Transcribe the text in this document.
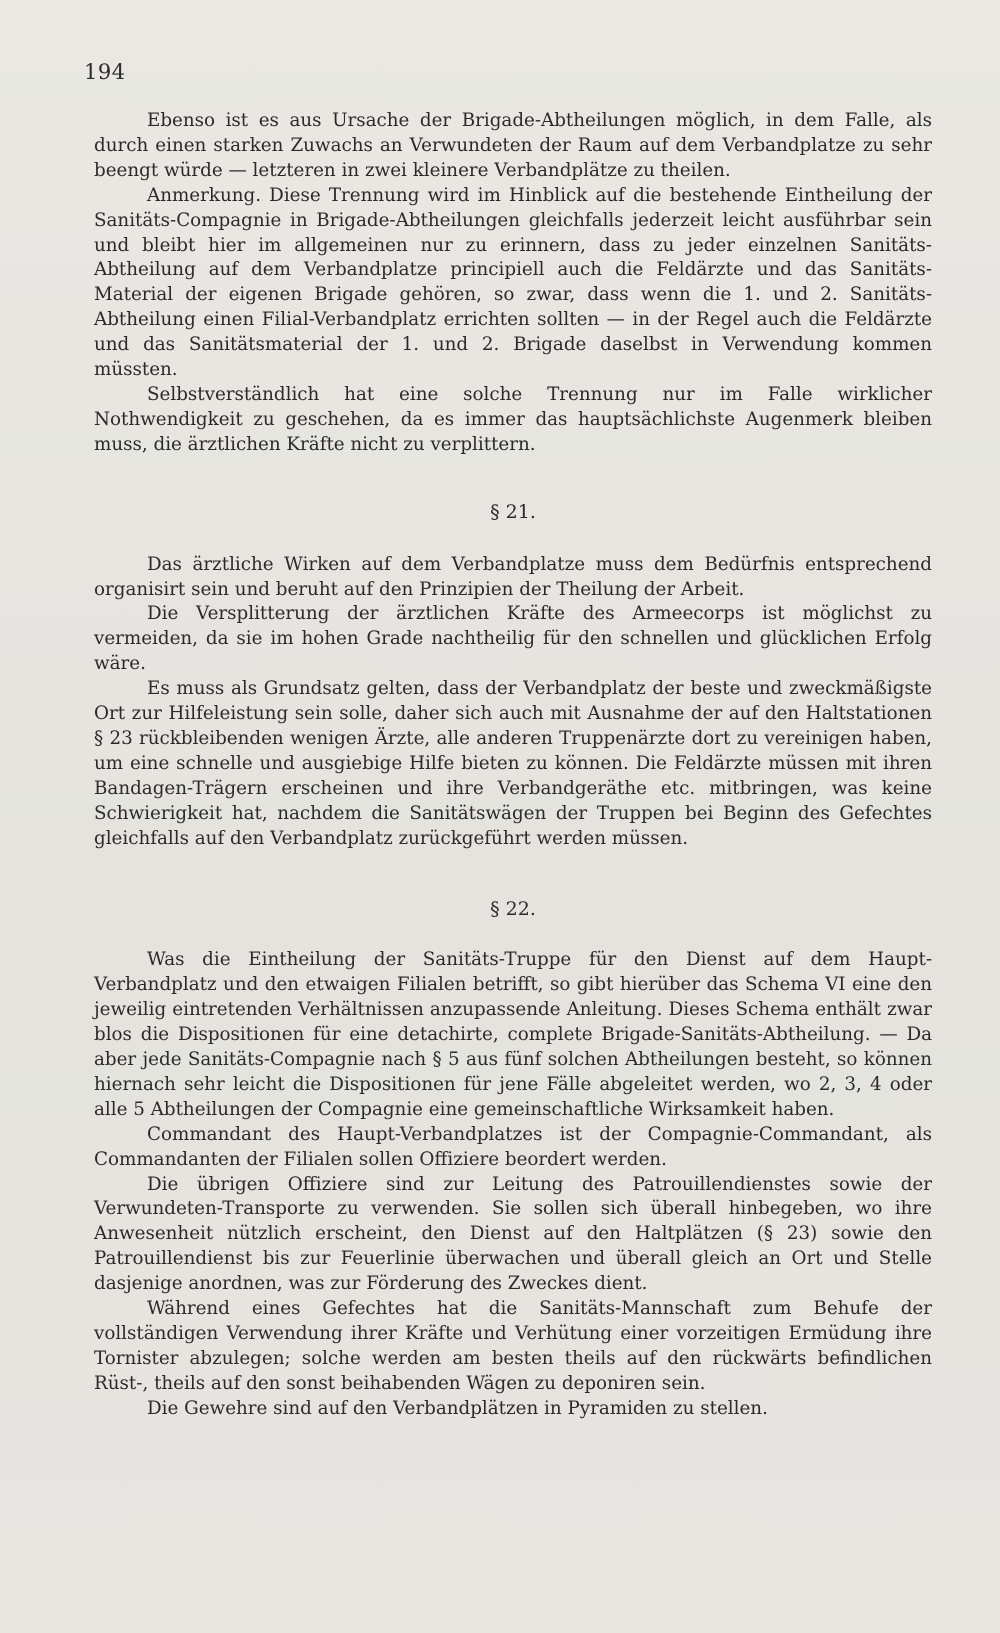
194

Ebenso ist es aus Ursache der Brigade-Abtheilungen möglich, in dem Falle, als durch einen starken Zuwachs an Verwundeten der Raum auf dem Verbandplatze zu sehr beengt würde — letzteren in zwei kleinere Verbandplätze zu theilen.

Anmerkung. Diese Trennung wird im Hinblick auf die bestehende Eintheilung der Sanitäts-Compagnie in Brigade-Abtheilungen gleichfalls jederzeit leicht ausführbar sein und bleibt hier im allgemeinen nur zu erinnern, dass zu jeder einzelnen Sanitäts-Abtheilung auf dem Verbandplatze principiell auch die Feldärzte und das Sanitäts-Material der eigenen Brigade gehören, so zwar, dass wenn die 1. und 2. Sanitäts-Abtheilung einen Filial-Verbandplatz errichten sollten — in der Regel auch die Feldärzte und das Sanitätsmaterial der 1. und 2. Brigade daselbst in Verwendung kommen müssten.

Selbstverständlich hat eine solche Trennung nur im Falle wirklicher Nothwendigkeit zu geschehen, da es immer das hauptsächlichste Augenmerk bleiben muss, die ärztlichen Kräfte nicht zu verplittern.

§ 21.

Das ärztliche Wirken auf dem Verbandplatze muss dem Bedürfnis entsprechend organisirt sein und beruht auf den Prinzipien der Theilung der Arbeit.

Die Versplitterung der ärztlichen Kräfte des Armeecorps ist möglichst zu vermeiden, da sie im hohen Grade nachtheilig für den schnellen und glücklichen Erfolg wäre.

Es muss als Grundsatz gelten, dass der Verbandplatz der beste und zweckmäßigste Ort zur Hilfeleistung sein solle, daher sich auch mit Ausnahme der auf den Haltstationen § 23 rückbleibenden wenigen Ärzte, alle anderen Truppenärzte dort zu vereinigen haben, um eine schnelle und ausgiebige Hilfe bieten zu können. Die Feldärzte müssen mit ihren Bandagen-Trägern erscheinen und ihre Verbandgeräthe etc. mitbringen, was keine Schwierigkeit hat, nachdem die Sanitätswägen der Truppen bei Beginn des Gefechtes gleichfalls auf den Verbandplatz zurückgeführt werden müssen.

§ 22.

Was die Eintheilung der Sanitäts-Truppe für den Dienst auf dem Haupt-Verbandplatz und den etwaigen Filialen betrifft, so gibt hierüber das Schema VI eine den jeweilig eintretenden Verhältnissen anzupassende Anleitung. Dieses Schema enthält zwar blos die Dispositionen für eine detachirte, complete Brigade-Sanitäts-Abtheilung. — Da aber jede Sanitäts-Compagnie nach § 5 aus fünf solchen Abtheilungen besteht, so können hiernach sehr leicht die Dispositionen für jene Fälle abgeleitet werden, wo 2, 3, 4 oder alle 5 Abtheilungen der Compagnie eine gemeinschaftliche Wirksamkeit haben.

Commandant des Haupt-Verbandplatzes ist der Compagnie-Commandant, als Commandanten der Filialen sollen Offiziere beordert werden.

Die übrigen Offiziere sind zur Leitung des Patrouillendienstes sowie der Verwundeten-Transporte zu verwenden. Sie sollen sich überall hinbegeben, wo ihre Anwesenheit nützlich erscheint, den Dienst auf den Haltplätzen (§ 23) sowie den Patrouillendienst bis zur Feuerlinie überwachen und überall gleich an Ort und Stelle dasjenige anordnen, was zur Förderung des Zweckes dient.

Während eines Gefechtes hat die Sanitäts-Mannschaft zum Behufe der vollständigen Verwendung ihrer Kräfte und Verhütung einer vorzeitigen Ermüdung ihre Tornister abzulegen; solche werden am besten theils auf den rückwärts befindlichen Rüst-, theils auf den sonst beihabenden Wägen zu deponiren sein.

Die Gewehre sind auf den Verbandplätzen in Pyramiden zu stellen.
